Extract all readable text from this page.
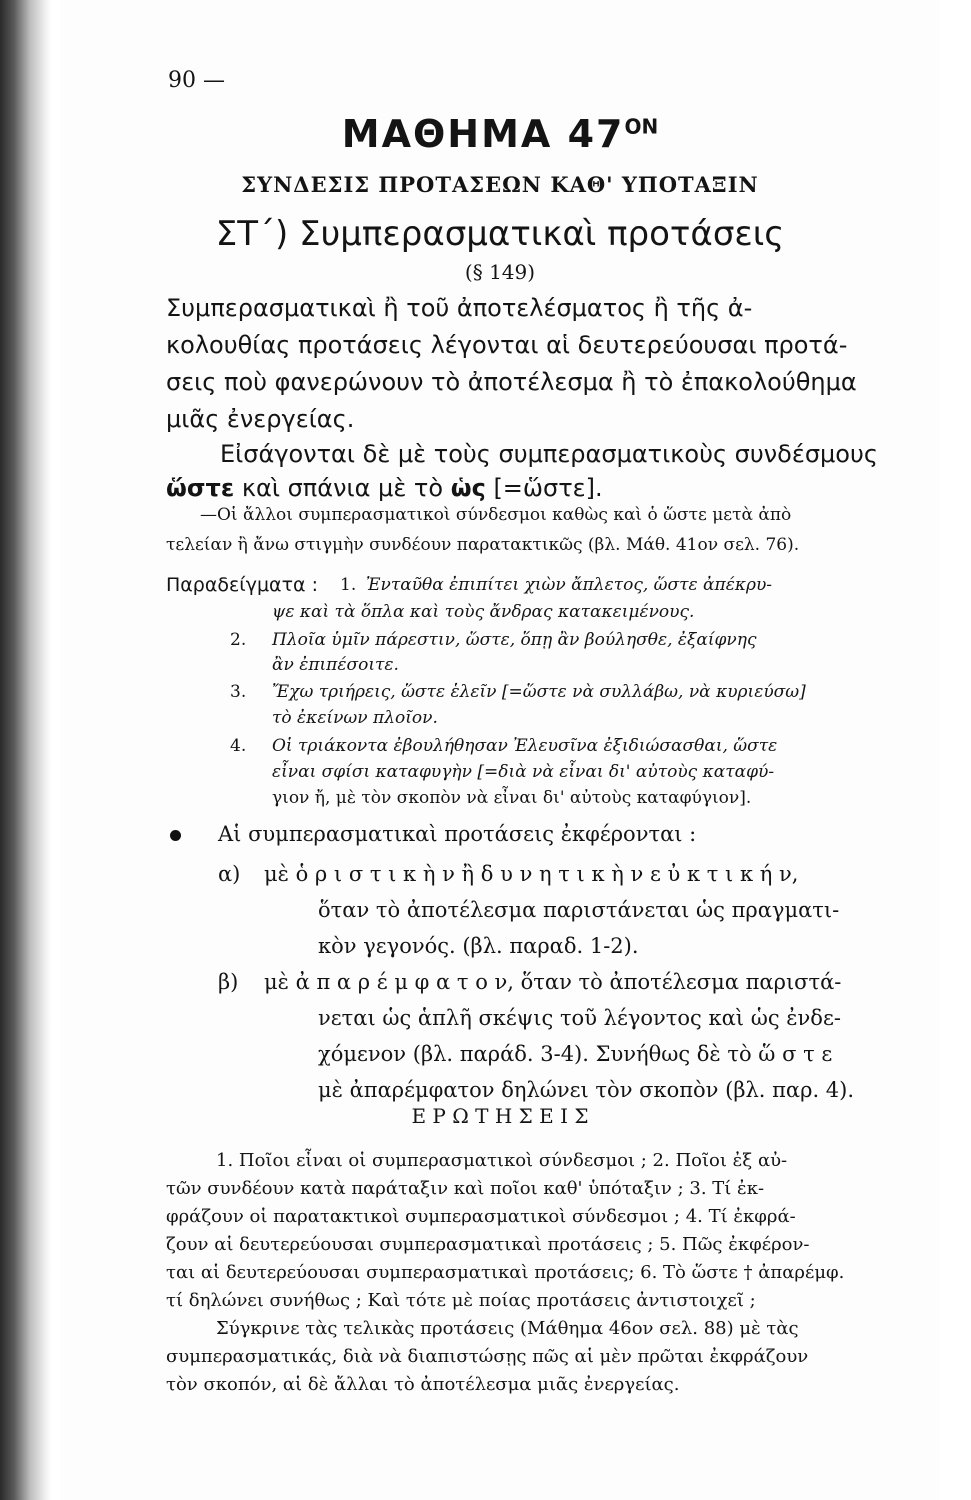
90 —
ΜΑΘΗΜΑ $47^{ON}$
ΣΥΝΔΕΣΙΣ ΠΡΟΤΑΣΕΩΝ ΚΑΘ' ΥΠΟΤΑΞΙΝ
ΣΤ΄) Συμπερασματικαὶ προτάσεις
(§ 149)
Συμπερασματικαὶ ἢ τοῦ ἀποτελέσματος ἢ τῆς ἀ-
κολουθίας προτάσεις λέγονται αἱ δευτερεύουσαι προτά-
σεις ποὺ φανερώνουν τὸ ἀποτέλεσμα ἢ τὸ ἐπακολούθημα
μιᾶς ἐνεργείας.
Εἰσάγονται δὲ μὲ τοὺς συμπερασματικοὺς συνδέσμους
ὥστε καὶ σπάνια μὲ τὸ ὡς [=ὥστε].
—Οἱ ἄλλοι συμπερασματικοὶ σύνδεσμοι καθὼς καὶ ὁ ὥστε μετὰ ἀπὸ
τελείαν ἢ ἄνω στιγμὴν συνδέουν παρατακτικῶς (βλ. Μάθ. 41ον σελ. 76).
Παραδείγματα : 1. Ἐνταῦθα ἐπιπίτει χιὼν ἄπλετος, ὥστε ἀπέκρυ-
ψε καὶ τὰ ὅπλα καὶ τοὺς ἄνδρας κατακειμένους.
2. Πλοῖα ὑμῖν πάρεστιν, ὥστε, ὅπῃ ἂν βούλησθε, ἐξαίφνης
ἂν ἐπιπέσοιτε.
3. Ἔχω τριήρεις, ὥστε ἑλεῖν [=ὥστε νὰ συλλάβω, νὰ κυριεύσω]
τὸ ἐκείνων πλοῖον.
4. Οἱ τριάκοντα ἐβουλήθησαν Ἐλευσῖνα ἐξιδιώσασθαι, ὥστε
εἶναι σφίσι καταφυγὴν [=διὰ νὰ εἶναι δι' αὐτοὺς καταφύ-
γιον ἤ, μὲ τὸν σκοπὸν νὰ εἶναι δι' αὐτοὺς καταφύγιον].
Αἱ συμπερασματικαὶ προτάσεις ἐκφέρονται :
α) μὲ ὁ ρ ι σ τ ι κ ὴ ν ἢ δ υ ν η τ ι κ ὴ ν ε ὐ κ τ ι κ ή ν,
ὅταν τὸ ἀποτέλεσμα παριστάνεται ὡς πραγματι-
κὸν γεγονός. (βλ. παραδ. 1-2).
β) μὲ ἀ π α ρ έ μ φ α τ ο ν, ὅταν τὸ ἀποτέλεσμα παριστά-
νεται ὡς ἁπλῆ σκέψις τοῦ λέγοντος καὶ ὡς ἐνδε-
χόμενον (βλ. παράδ. 3-4). Συνήθως δὲ τὸ ὥ σ τ ε
μὲ ἀπαρέμφατον δηλώνει τὸν σκοπὸν (βλ. παρ. 4).
Ε Ρ Ω Τ Η Σ Ε Ι Σ
1. Ποῖοι εἶναι οἱ συμπερασματικοὶ σύνδεσμοι ; 2. Ποῖοι ἐξ αὐ-
τῶν συνδέουν κατὰ παράταξιν καὶ ποῖοι καθ' ὑπόταξιν ; 3. Τί ἐκ-
φράζουν οἱ παρατακτικοὶ συμπερασματικοὶ σύνδεσμοι ; 4. Τί ἐκφρά-
ζουν αἱ δευτερεύουσαι συμπερασματικαὶ προτάσεις ; 5. Πῶς ἐκφέρον-
ται αἱ δευτερεύουσαι συμπερασματικαὶ προτάσεις; 6. Τὸ ὥστε † ἀπαρέμφ.
τί δηλώνει συνήθως ; Καὶ τότε μὲ ποίας προτάσεις ἀντιστοιχεῖ ;
Σύγκρινε τὰς τελικὰς προτάσεις (Μάθημα 46ον σελ. 88) μὲ τὰς
συμπερασματικάς, διὰ νὰ διαπιστώσῃς πῶς αἱ μὲν πρῶται ἐκφράζουν
τὸν σκοπόν, αἱ δὲ ἄλλαι τὸ ἀποτέλεσμα μιᾶς ἐνεργείας.
